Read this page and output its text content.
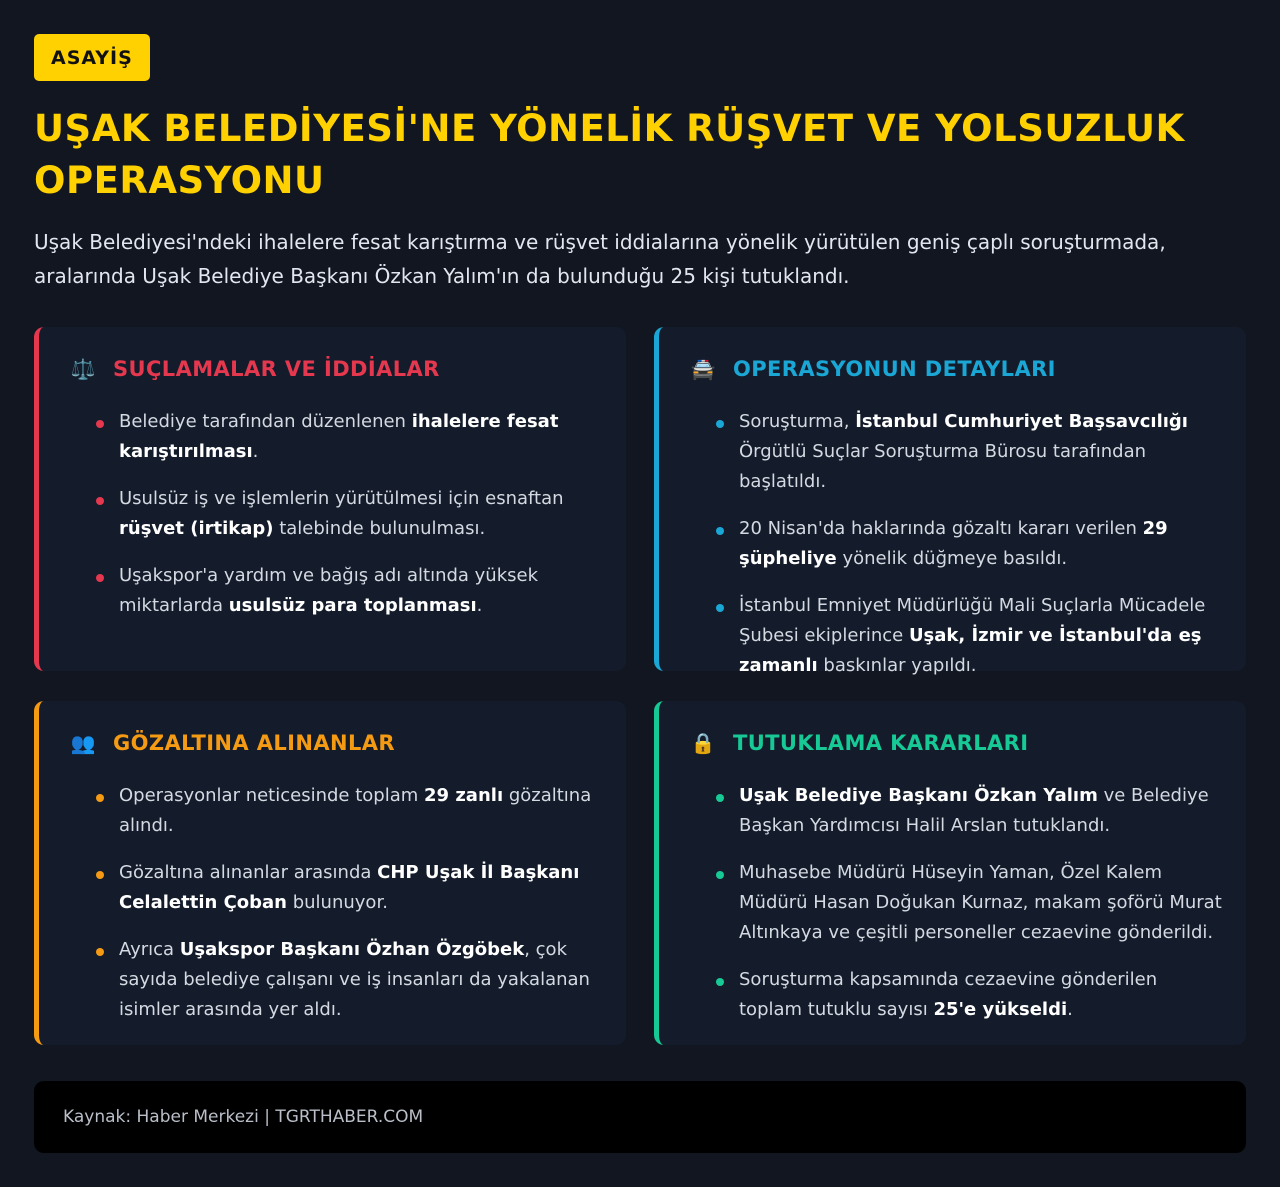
ASAYİŞ
UŞAK BELEDİYESİ'NE YÖNELİK RÜŞVET VE YOLSUZLUK OPERASYONU

Uşak Belediyesi'ndeki ihalelere fesat karıştırma ve rüşvet iddialarına yönelik yürütülen geniş çaplı soruşturmada, aralarında Uşak Belediye Başkanı Özkan Yalım'ın da bulunduğu 25 kişi tutuklandı.

⚖️ SUÇLAMALAR VE İDDİALAR
Belediye tarafından düzenlenen ihalelere fesat karıştırılması.
Usulsüz iş ve işlemlerin yürütülmesi için esnaftan rüşvet (irtikap) talebinde bulunulması.
Uşakspor'a yardım ve bağış adı altında yüksek miktarlarda usulsüz para toplanması.
🚔 OPERASYONUN DETAYLARI
Soruşturma, İstanbul Cumhuriyet Başsavcılığı Örgütlü Suçlar Soruşturma Bürosu tarafından başlatıldı.
20 Nisan'da haklarında gözaltı kararı verilen 29 şüpheliye yönelik düğmeye basıldı.
İstanbul Emniyet Müdürlüğü Mali Suçlarla Mücadele Şubesi ekiplerince Uşak, İzmir ve İstanbul'da eş zamanlı baskınlar yapıldı.
👥 GÖZALTINA ALINANLAR
Operasyonlar neticesinde toplam 29 zanlı gözaltına alındı.
Gözaltına alınanlar arasında CHP Uşak İl Başkanı Celalettin Çoban bulunuyor.
Ayrıca Uşakspor Başkanı Özhan Özgöbek, çok sayıda belediye çalışanı ve iş insanları da yakalanan isimler arasında yer aldı.
🔒 TUTUKLAMA KARARLARI
Uşak Belediye Başkanı Özkan Yalım ve Belediye Başkan Yardımcısı Halil Arslan tutuklandı.
Muhasebe Müdürü Hüseyin Yaman, Özel Kalem Müdürü Hasan Doğukan Kurnaz, makam şoförü Murat Altınkaya ve çeşitli personeller cezaevine gönderildi.
Soruşturma kapsamında cezaevine gönderilen toplam tutuklu sayısı 25'e yükseldi.
Kaynak: Haber Merkezi | TGRTHABER.COM
